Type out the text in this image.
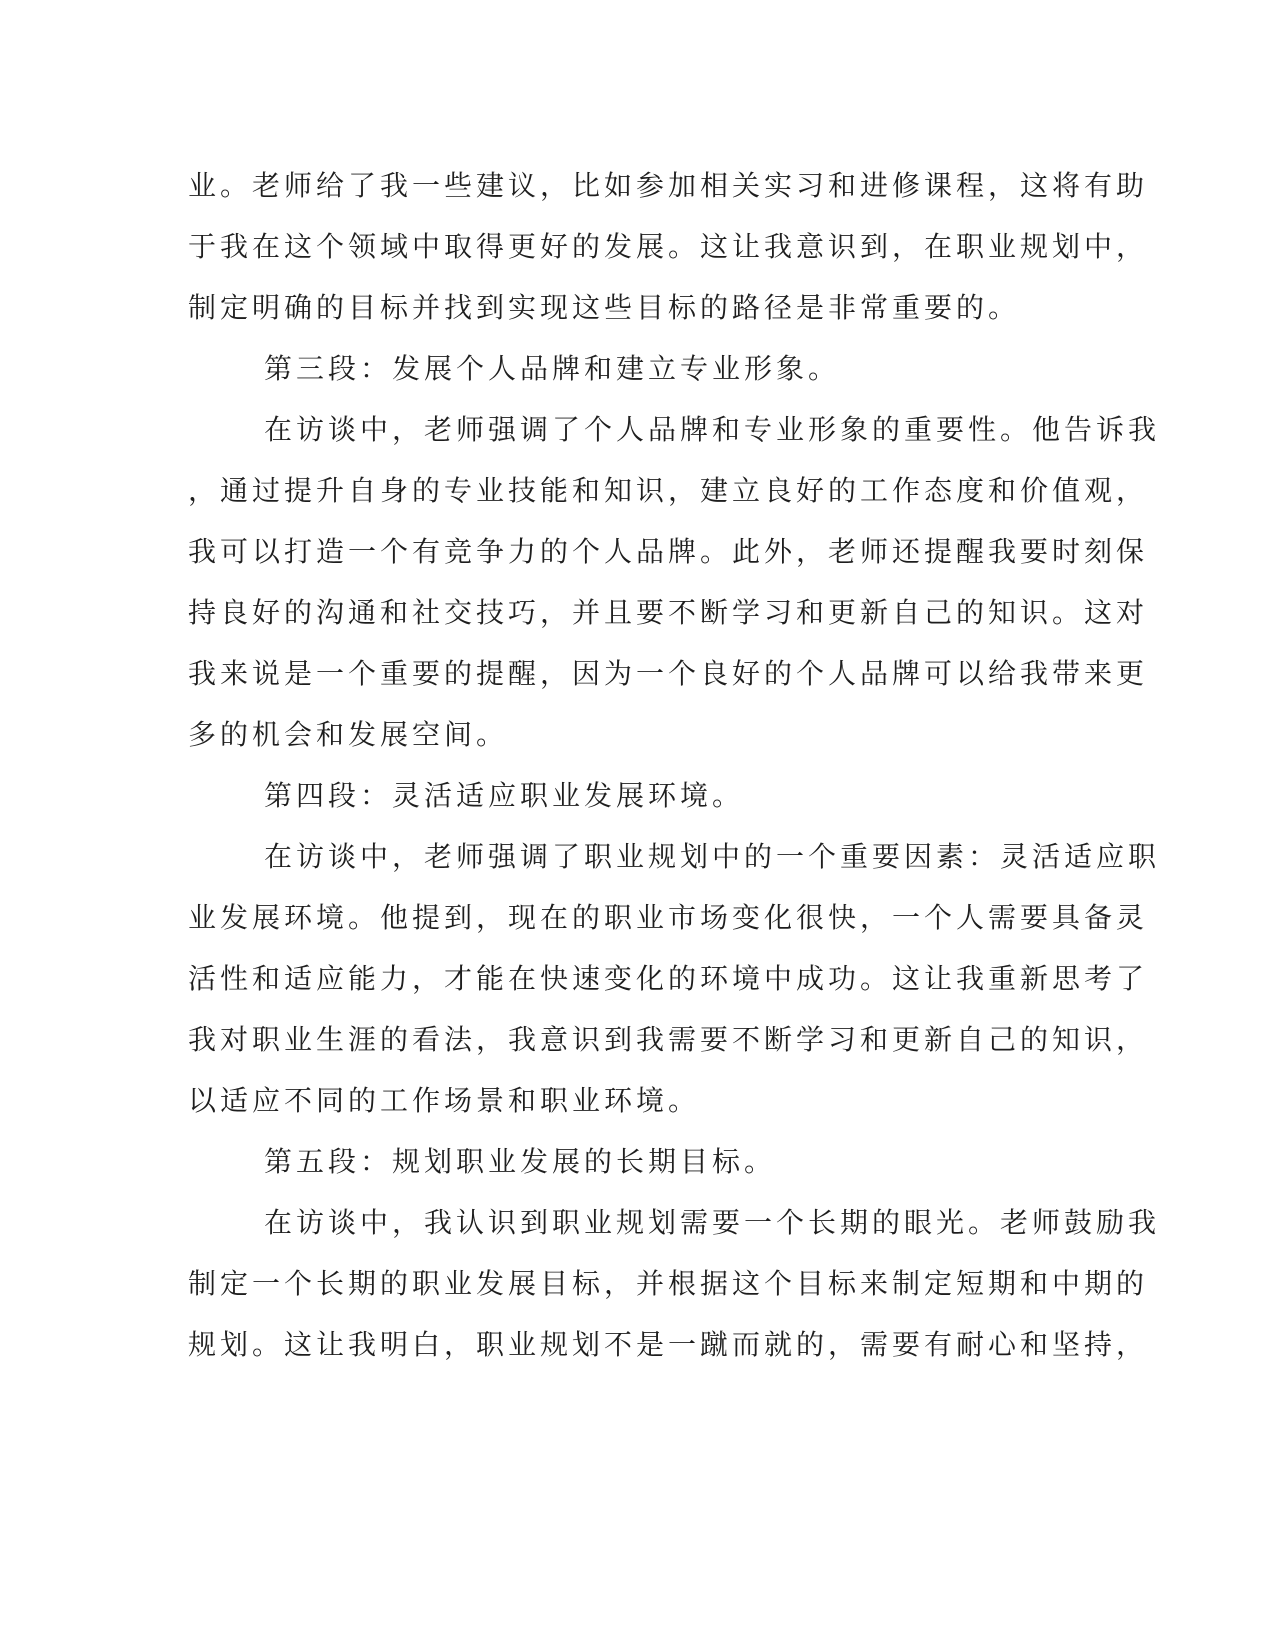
业。老师给了我一些建议，比如参加相关实习和进修课程，这将有助
于我在这个领域中取得更好的发展。这让我意识到，在职业规划中，
制定明确的目标并找到实现这些目标的路径是非常重要的。
第三段：发展个人品牌和建立专业形象。
在访谈中，老师强调了个人品牌和专业形象的重要性。他告诉我
，通过提升自身的专业技能和知识，建立良好的工作态度和价值观，
我可以打造一个有竞争力的个人品牌。此外，老师还提醒我要时刻保
持良好的沟通和社交技巧，并且要不断学习和更新自己的知识。这对
我来说是一个重要的提醒，因为一个良好的个人品牌可以给我带来更
多的机会和发展空间。
第四段：灵活适应职业发展环境。
在访谈中，老师强调了职业规划中的一个重要因素：灵活适应职
业发展环境。他提到，现在的职业市场变化很快，一个人需要具备灵
活性和适应能力，才能在快速变化的环境中成功。这让我重新思考了
我对职业生涯的看法，我意识到我需要不断学习和更新自己的知识，
以适应不同的工作场景和职业环境。
第五段：规划职业发展的长期目标。
在访谈中，我认识到职业规划需要一个长期的眼光。老师鼓励我
制定一个长期的职业发展目标，并根据这个目标来制定短期和中期的
规划。这让我明白，职业规划不是一蹴而就的，需要有耐心和坚持，
